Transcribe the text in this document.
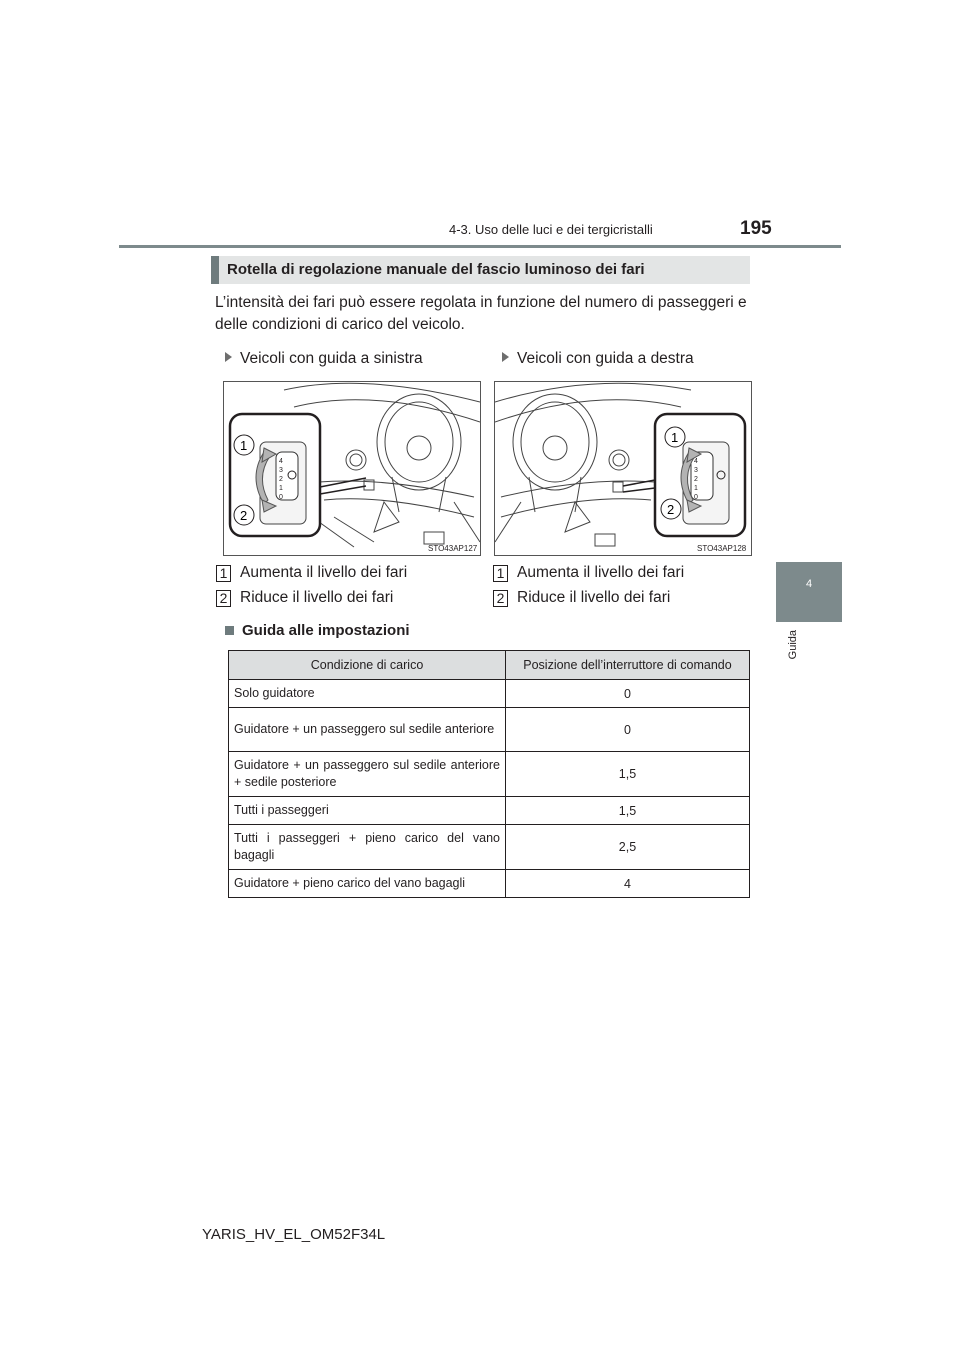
4-3. Uso delle luci e dei tergicristalli	195
4
Guida
Rotella di regolazione manuale del fascio luminoso dei fari
L’intensità dei fari può essere regolata in funzione del numero di passeggeri e delle condizioni di carico del veicolo.
Veicoli con guida a sinistra	Veicoli con guida a destra
4
3
2
1
0
1
2
STO43AP127
4
3
2
1
0
1
2
STO43AP128
1 Aumenta il livello dei fari
2 Riduce il livello dei fari
1 Aumenta il livello dei fari
2 Riduce il livello dei fari
Guida alle impostazioni
Condizione di carico	Posizione dell’interruttore di comando
Solo guidatore	0
Guidatore + un passeggero sul sedile anteriore	0
Guidatore + un passeggero sul sedile anteriore + sedile posteriore	1,5
Tutti i passeggeri	1,5
Tutti i passeggeri + pieno carico del vano bagagli	2,5
Guidatore + pieno carico del vano bagagli	4
YARIS_HV_EL_OM52F34L
